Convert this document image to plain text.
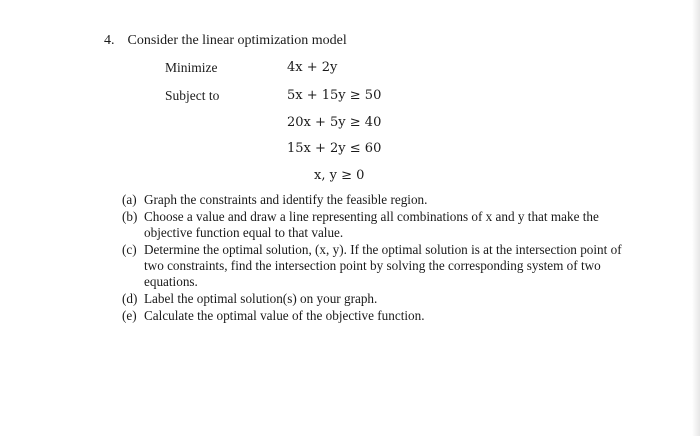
4. Consider the linear optimization model
Minimize	4x + 2y
Subject to	5x + 15y ≥ 50
20x + 5y ≥ 40
15x + 2y ≤ 60
x, y ≥ 0
(a) Graph the constraints and identify the feasible region.
(b) Choose a value and draw a line representing all combinations of x and y that make the objective function equal to that value.
(c) Determine the optimal solution, (x, y). If the optimal solution is at the intersection point of two constraints, find the intersection point by solving the corresponding system of two equations.
(d) Label the optimal solution(s) on your graph.
(e) Calculate the optimal value of the objective function.
